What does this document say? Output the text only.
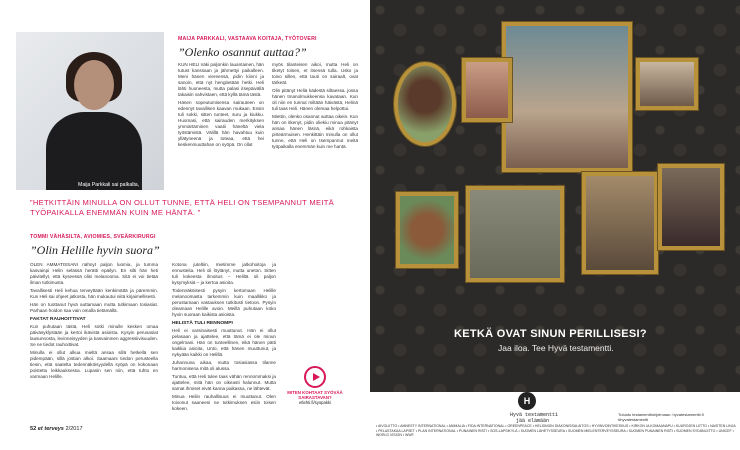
Maija Parkkali sai palkalta,
MAIJA PARKKALI, VASTAAVA KOITAJA, TYÖTOVERI
”Olenko osannut auttaa?”

KUN HELI näki paljonkin lauantainen, hän tutust kanssaan ja jähmettyi paikalleen. Meni hänen viereensä, pidin kiinni ja sanoin, että nyt hengitetään hetki. Heli lähti huoneesta, mutta palasi itsepäivällä takaisin vahvistaen, että kyllä tämä tästä.

Hänen sopeutumisensa sairauteen on edennyt tavallisen kaavan mukaan. Ensin tuli sokki, sitten tunteet, suru ja kiukku. Huomasi, että sairauden merkityksen ymmärtäminen vaatii häneltä viela työstämistä. Välillä hän havahtuu kuin yllätyneenä ja toteaa, että hei keskenmuuttahan on syöpä. On ollut

myös tilanteisen aikoi, mutta Heli on tiketyt toisen, et itsensä tulla. Usko ja toivo sillen, että tauti on sairaalt, ovat tärkeät.

Olin pitänyt Heliä kädestä siltaessa, jossa hänen tmanolmukkeensa kavataan. Kun oli niin en tunnut miltään häivästä, Helinä tuli taas Heli. Hänen olemaa helpottui.

Miettin, olenko osannut auttaa oikein. Kun hän on itkenyt, pidin oliekiu minua pitänyt ansaa hänen läsnä, eikä rohkaista pirteärmuisen. Henkittäin minulla on ollut tunne, että Heli on tsempannut meitä työpaikalla enemmän kuin me hantä.

”HETKITTÄIN MINULLA ON OLLUT TUNNE, ETTÄ HELI ON TSEMPANNUT MEITÄ TYÖPAIKALLA ENEMMÄN KUIN ME HÄNTÄ. ”
TOMMI VÄHÄSILTA, AVIOMIES, SVEÄRKIRURGI
”Olin Helille hyvin suora”

OLEN AMMATISSANI nähnyt paljon luomia, ja tumma kasvainpi Helin selässä herätti epäilyn. En silti hän heti päivitellyt, että kyseessä olisi melanooma. Sitä ei voi tietää ilman tutkimusta.

Tavallisesti Heli kehua terveyttään kenkimättä ja päremmin. Kun Heli sai ohjeet jatkosta, hän mukautui niitä kirjaimellisesti.

Hän on tuottanut hyvä auttamaan mutta tutkimaan tosiasiat. Parhaan hoidon saa vain omalla tietämällä.

FAKTAT RAUHOITTIVAT

Kun puhutaan tästä, Heli sotki minulle kesken omaa päiväsyklystään ja kertoi ikävistä asioista. Kysyin perusasiat lausunnosta, levinneisyyden ja kasvainmen aggressiivisuuden. Se ne tiedot rauhoittivat.

Minulla ei ollut alkua mieltä ansaa sillä hetkellä sen pidempään, sillä jostian alkoi. Saamaani tiedon perusteella tiesin, että saatelta tedennäköisyydellä syöpä on kokonaan poistettu leikkauksessa. Lupasin sen niin, että tuhto en varmaan Helille.

Kotona juteltiin, mietimme jatkohoitoja ja ennusteita. Heli oli löytänyt, mutta uneton. Sitten tuli kokeesta ilmoitus – Heliltä oli paljon kysymyksiä – ja kertoa asioita.

Todennäköisesti pysyin kertomaan Helille melanoomasta tarkemmin kuin maallikko ja perustamaan vastauksen tutkitusti tietoon. Pysyin oleamaan Helille avoin. Meillä puhutaan koko hyvin suoraan kaikista asioista.

HELISTÄ TULI RENNOMPI

Heli ei varsinaisesti muuttunut. Hän ei ollut pelasaan ja ajattelee, että tämä ei ole minun ongelmani. Hän on tunteellinen, eikä hänen pätti kaikkia asioita, Unto, että hänen muuttunut, ja nykyään kaikki on Helillä.

Juhannuna aikaa, mutta tosiasiassa tilanne harmonisena mitä oli alussa.

Tuntuu, että Heli tulee taas vähän rennommaksi ja ajattelee, mitä hän on oikeasti halunnut. Mutta samat ihmiset eivät kanna paikassa, ne lähtevät.

Minua Heliin rauhallisuus ei muuttanut. Olen toivonut saaneeni ne tutkimuksen esiin toisen kokeen.

MITEN KOHTAAT SYÖVÄÄ SAIRASTAVAN?
etlehti.fi/syopakki
52 et terveys 2/2017
KETKÄ OVAT SINUN PERILLISESI?
Jaa iloa. Tee Hyvä testamentti.
H
Hyvä testamentti
jää elämään
Tutustu testamenttiohjelmaan: hyvatestamentti.fi #hyvatestamentti
• AIVOLIITTO • AMNESTY INTERNATIONAL • ANIMALIA • FIDA INTERNATIONAL • GREENPEACE • HELSINGIN DIAKONISSALAITOS • HYVINVOINTIKESKUS • KIRKON ULKOMAANAPU • KUUROJEN LIITTO • NAISTEN LINJA • PELASTAKAA LAPSET • PLAN INTERNATIONAL • PUNAINEN RISTI • SOS-LAPSIKYLÄ • SUOMEN LÄHETYSSEURA • SUOMEN MIELENTERVEYSSEURA • SUOMEN PUNAINEN RISTI • SUOMEN SYDÄNLIITTO • UNICEF • WORLD VISION • WWF
